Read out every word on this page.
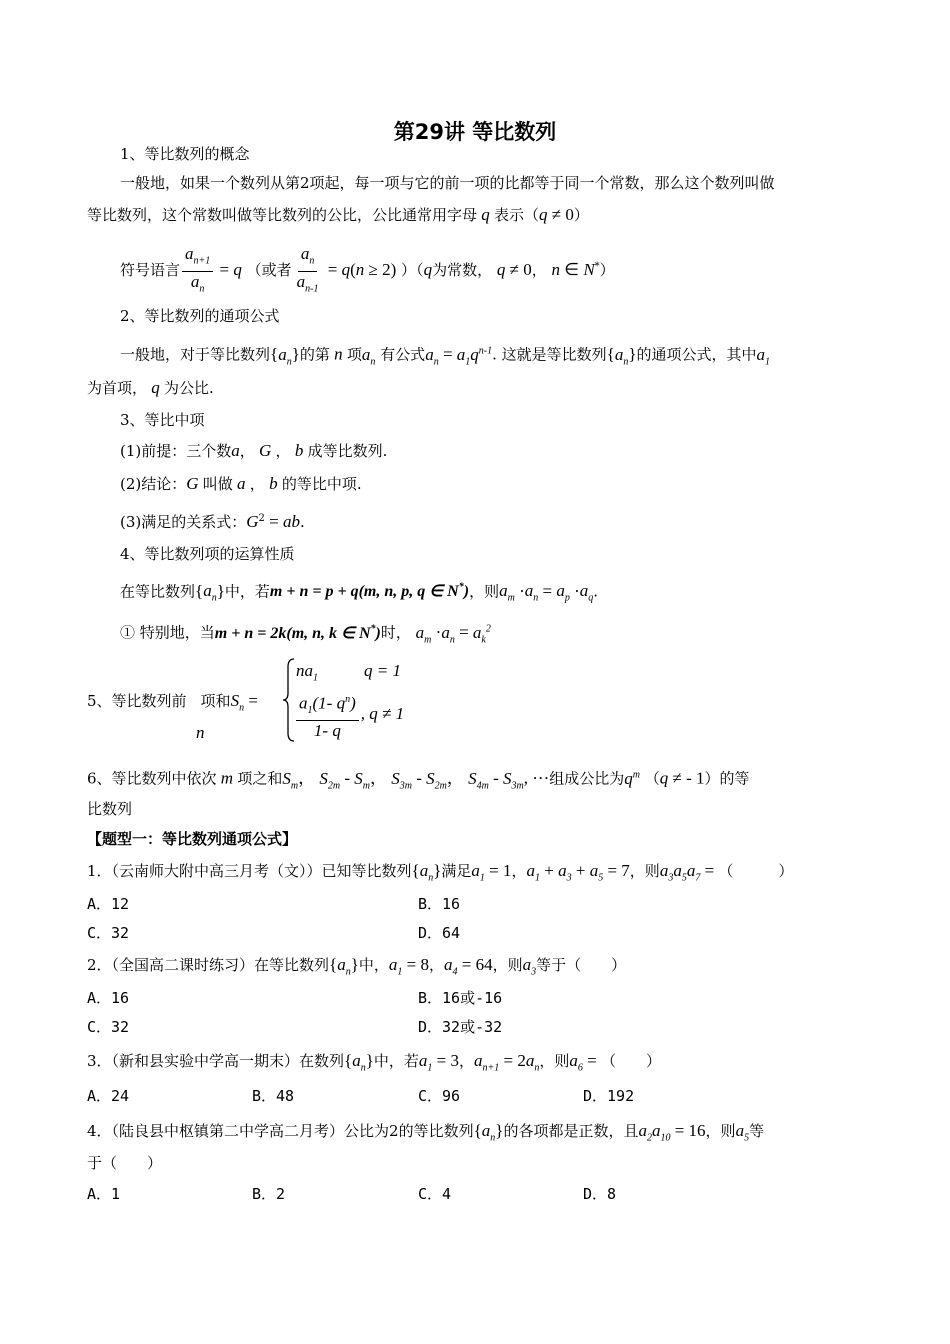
第29讲 等比数列
1、等比数列的概念
一般地，如果一个数列从第2项起，每一项与它的前一项的比都等于同一个常数，那么这个数列叫做
等比数列，这个常数叫做等比数列的公比，公比通常用字母 q 表示（q ≠ 0）
符号语言 $\frac{a_{n+1}}{a_n} = q$ （或者 $\frac{a_n}{a_{n-1}} = q(n \ge 2)$ ）（q为常数， q ≠ 0， n ∈ N*）
2、等比数列的通项公式
一般地，对于等比数列$\{a_n\}$的第 n 项$a_n$ 有公式$a_n = a_1q^{n-1}$. 这就是等比数列$\{a_n\}$的通项公式，其中$a_1$
为首项， q 为公比.
3、等比中项
(1)前提：三个数a， G ， b 成等比数列.
(2)结论：G 叫做 a ， b 的等比中项.
(3)满足的关系式：$G^2$ = ab.
4、等比数列项的运算性质
在等比数列$\{a_n\}$中，若m + n = p + q(m, n, p, q ∈ N*)，则$a_m \cdot a_n = a_p \cdot a_q$.
① 特别地，当m + n = 2k(m, n, k ∈ N*)时， $a_m \cdot a_n = a_k^2$
5、等比数列前 项和$S_n$ =
n
$na_1$	q = 1
$\frac{a_1(1- q^n)}{1- q}$ , q ≠ 1
6、等比数列中依次 m 项之和$S_m$， $S_{2m} - S_m$， $S_{3m} - S_{2m}$， $S_{4m} - S_{3m}$, ···组成公比为$q^m$ （q ≠ - 1）的等
比数列
【题型一：等比数列通项公式】
1．（云南师大附中高三月考（文））已知等比数列$\{a_n\}$满足$a_1 = 1$，$a_1 + a_3 + a_5 = 7$，则$a_3a_5a_7$ = （　　　）
A．12	B．16
C．32	D．64
2．（全国高二课时练习）在等比数列$\{a_n\}$中，$a_1 = 8$，$a_4 = 64$，则$a_3$等于（　　）
A．16	B．16或-16
C．32	D．32或-32
3．（新和县实验中学高一期末）在数列$\{a_n\}$中，若$a_1 = 3$，$a_{n+1} = 2a_n$，则$a_6$ = （　　）
A．24	B．48	C．96	D．192
4．（陆良县中枢镇第二中学高二月考）公比为2的等比数列$\{a_n\}$的各项都是正数，且$a_2a_{10} = 16$，则$a_5$等
于（　　）
A．1	B．2	C．4	D．8
